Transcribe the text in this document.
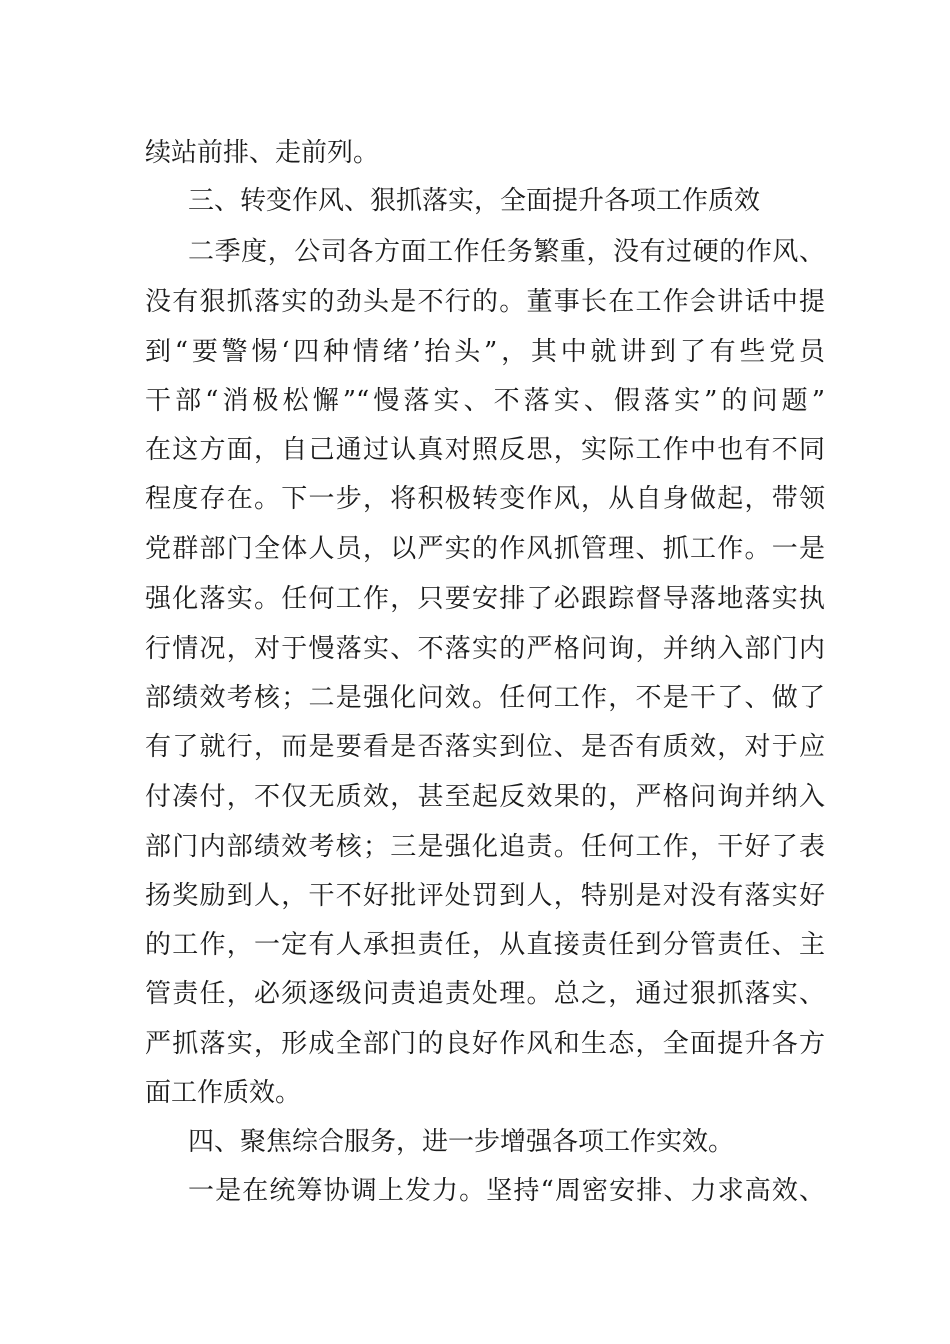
续站前排、走前列。
三、转变作风、狠抓落实，全面提升各项工作质效
二季度，公司各方面工作任务繁重，没有过硬的作风、
没有狠抓落实的劲头是不行的。董事长在工作会讲话中提
到“要警惕‘四种情绪’抬头”，其中就讲到了有些党员
干部“消极松懈”“慢落实、不落实、假落实”的问题”
在这方面，自己通过认真对照反思，实际工作中也有不同
程度存在。下一步，将积极转变作风，从自身做起，带领
党群部门全体人员，以严实的作风抓管理、抓工作。一是
强化落实。任何工作，只要安排了必跟踪督导落地落实执
行情况，对于慢落实、不落实的严格问询，并纳入部门内
部绩效考核；二是强化问效。任何工作，不是干了、做了
有了就行，而是要看是否落实到位、是否有质效，对于应
付凑付，不仅无质效，甚至起反效果的，严格问询并纳入
部门内部绩效考核；三是强化追责。任何工作，干好了表
扬奖励到人，干不好批评处罚到人，特别是对没有落实好
的工作，一定有人承担责任，从直接责任到分管责任、主
管责任，必须逐级问责追责处理。总之，通过狠抓落实、
严抓落实，形成全部门的良好作风和生态，全面提升各方
面工作质效。
四、聚焦综合服务，进一步增强各项工作实效。
一是在统筹协调上发力。坚持“周密安排、力求高效、
